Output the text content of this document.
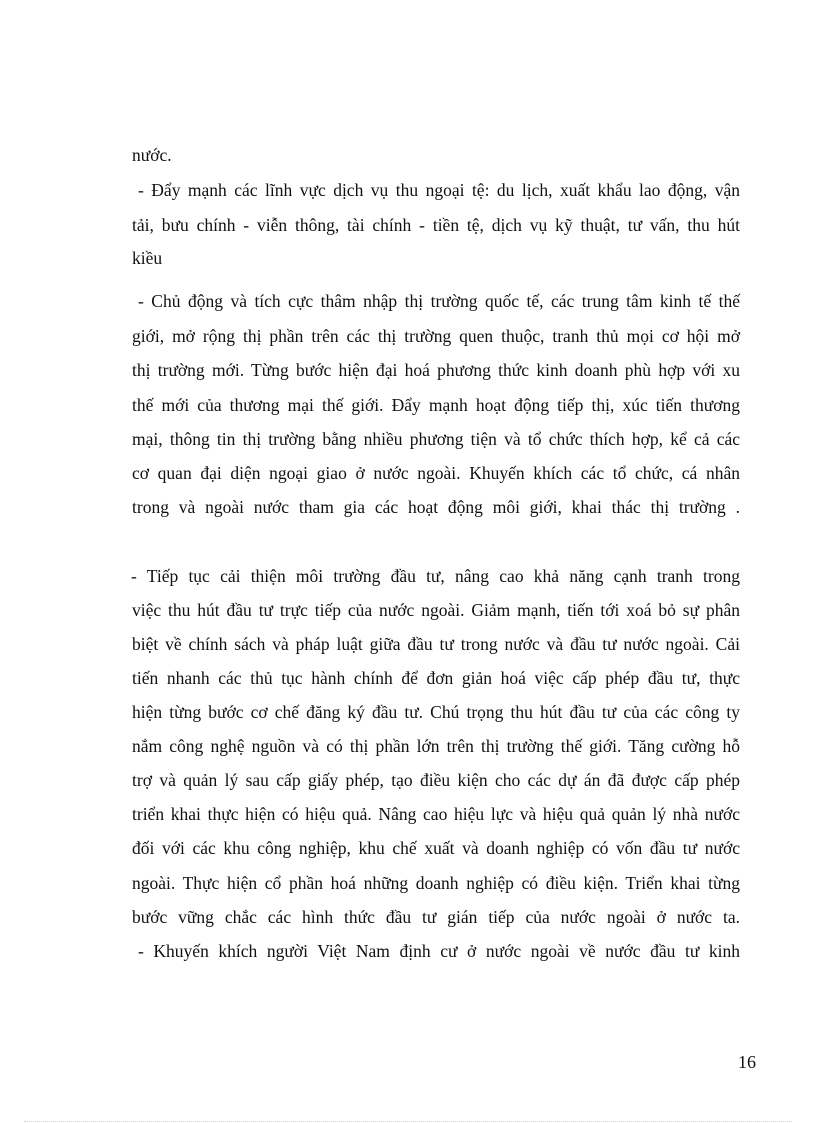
nước.
- Đẩy mạnh các lĩnh vực dịch vụ thu ngoại tệ: du lịch, xuất khẩu lao động, vận
tải, bưu chính - viễn thông, tài chính - tiền tệ, dịch vụ kỹ thuật, tư vấn, thu hút
kiều
- Chủ động và tích cực thâm nhập thị trường quốc tế, các trung tâm kinh tế thế
giới, mở rộng thị phần trên các thị trường quen thuộc, tranh thủ mọi cơ hội mở
thị trường mới. Từng bước hiện đại hoá phương thức kinh doanh phù hợp với xu
thế mới của thương mại thế giới. Đẩy mạnh hoạt động tiếp thị, xúc tiến thương
mại, thông tin thị trường bằng nhiều phương tiện và tổ chức thích hợp, kể cả các
cơ quan đại diện ngoại giao ở nước ngoài. Khuyến khích các tổ chức, cá nhân
trong và ngoài nước tham gia các hoạt động môi giới, khai thác thị trường .
- Tiếp tục cải thiện môi trường đầu tư, nâng cao khả năng cạnh tranh trong
việc thu hút đầu tư trực tiếp của nước ngoài. Giảm mạnh, tiến tới xoá bỏ sự phân
biệt về chính sách và pháp luật giữa đầu tư trong nước và đầu tư nước ngoài. Cải
tiến nhanh các thủ tục hành chính để đơn giản hoá việc cấp phép đầu tư, thực
hiện từng bước cơ chế đăng ký đầu tư. Chú trọng thu hút đầu tư của các công ty
nắm công nghệ nguồn và có thị phần lớn trên thị trường thế giới. Tăng cường hỗ
trợ và quản lý sau cấp giấy phép, tạo điều kiện cho các dự án đã được cấp phép
triển khai thực hiện có hiệu quả. Nâng cao hiệu lực và hiệu quả quản lý nhà nước
đối với các khu công nghiệp, khu chế xuất và doanh nghiệp có vốn đầu tư nước
ngoài. Thực hiện cổ phần hoá những doanh nghiệp có điều kiện. Triển khai từng
bước vững chắc các hình thức đầu tư gián tiếp của nước ngoài ở nước ta.
- Khuyến khích người Việt Nam định cư ở nước ngoài về nước đầu tư kinh
16
